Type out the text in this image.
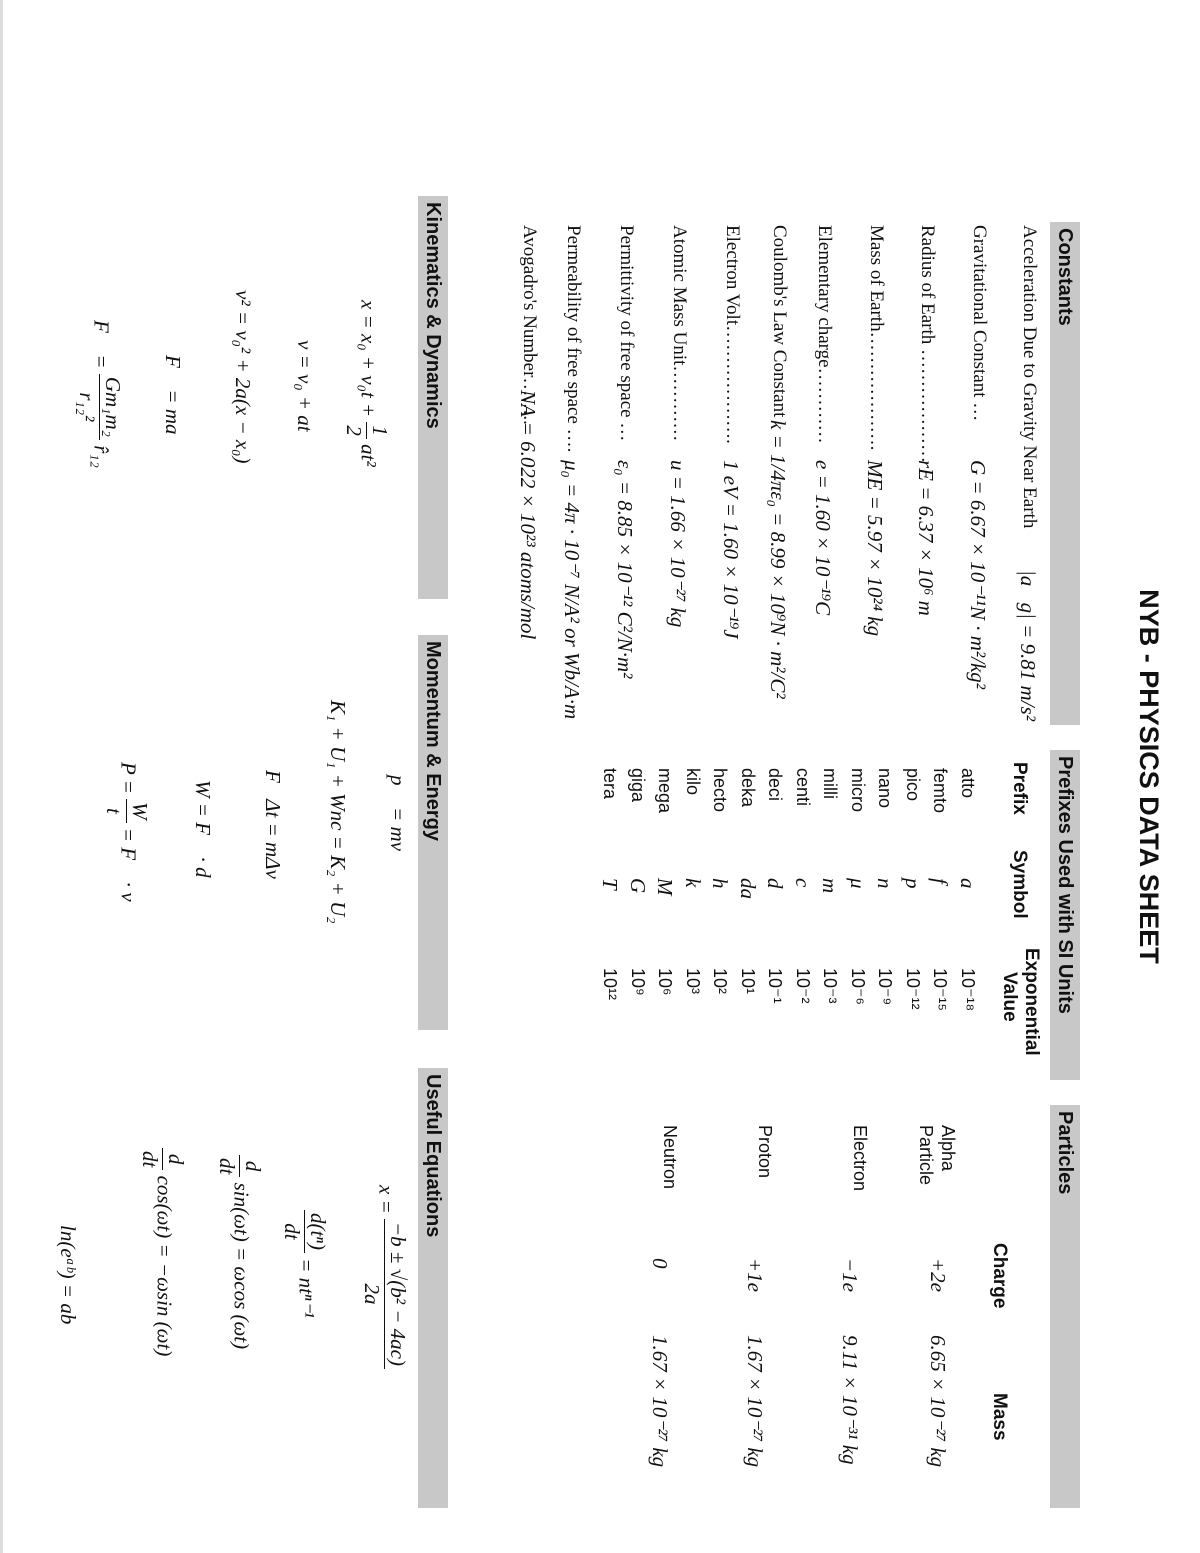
NYB - PHYSICS DATA SHEET
Constants
Acceleration Due to Gravity Near Earth
|a⃗g| = 9.81 m/s²
Gravitational Constant …
G = 6.67 × 10⁻¹¹N · m²/kg²
Radius of Earth ………………
rE = 6.37 × 10⁶ m
Mass of Earth……………….
ME = 5.97 × 10²⁴ kg
Elementary charge…………
e = 1.60 × 10⁻¹⁹C
Coulomb's Law Constant
k = 1/4πε₀ = 8.99 × 10⁹N · m²/C²
Electron Volt……………….
1 eV = 1.60 × 10⁻¹⁹J
Atomic Mass Unit…………
u = 1.66 × 10⁻²⁷ kg
Permittivity of free space …
ε₀ = 8.85 × 10⁻¹² C²/N·m²
Permeability of free space ….
μ₀ = 4π · 10⁻⁷ N/A² or Wb/A·m
Avogadro's Number……..
NA = 6.022 × 10²³ atoms/mol
Prefixes Used with SI Units
Prefix
Symbol
Exponential
Value
Particles
Charge
Mass
Kinematics & Dynamics
x = x₀ + v₀t +
1
2
at²
v = v₀ + at
v² = v₀² + 2a(x − x₀)
F⃗ = ma⃗
F⃗ =
Gm₁m₂
r₁₂²
r̂₁₂
Momentum & Energy
p⃗ = mv⃗
K₁ + U₁ + Wnc = K₂ + U₂
F⃗Δt = mΔv⃗
W = F⃗ · d⃗
P =
W
t
= F⃗ · v⃗
Useful Equations
x =
−b ± √(b² − 4ac)
2a
d(tⁿ)
dt
= ntⁿ⁻¹
d
dt
sin(ωt) = ωcos (ωt)
d
dt
cos(ωt) = −ωsin (ωt)
ln(eᵃᵇ) = ab
atto
a
10⁻¹⁸
femto
f
10⁻¹⁵
pico
p
10⁻¹²
nano
n
10⁻⁹
micro
μ
10⁻⁶
milli
m
10⁻³
centi
c
10⁻²
deci
d
10⁻¹
deka
da
10¹
hecto
h
10²
kilo
k
10³
mega
M
10⁶
giga
G
10⁹
tera
T
10¹²
Alpha
Particle
+2e
6.65 × 10⁻²⁷ kg
Electron
−1e
9.11 × 10⁻³¹ kg
Proton
+1e
1.67 × 10⁻²⁷ kg
Neutron
0
1.67 × 10⁻²⁷ kg
